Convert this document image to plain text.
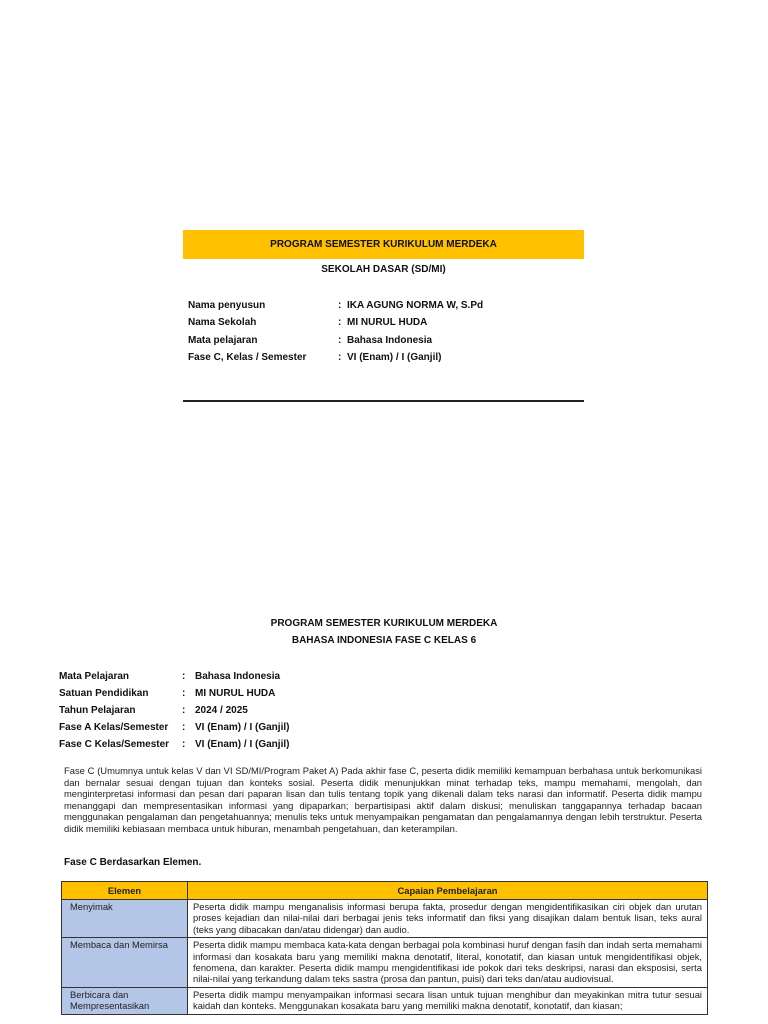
PROGRAM SEMESTER KURIKULUM MERDEKA
SEKOLAH DASAR (SD/MI)
Nama penyusun	: IKA AGUNG NORMA W, S.Pd
Nama Sekolah	: MI NURUL HUDA
Mata pelajaran	: Bahasa Indonesia
Fase C, Kelas / Semester	: VI (Enam) / I (Ganjil)
PROGRAM SEMESTER KURIKULUM MERDEKA
BAHASA INDONESIA FASE C KELAS 6
Mata Pelajaran	: Bahasa Indonesia
Satuan Pendidikan	: MI NURUL HUDA
Tahun Pelajaran	: 2024 / 2025
Fase A Kelas/Semester	: VI (Enam) / I (Ganjil)
Fase C Kelas/Semester	: VI (Enam) / I (Ganjil)
Fase C (Umumnya untuk kelas V dan VI SD/MI/Program Paket A) Pada akhir fase C, peserta didik memiliki kemampuan berbahasa untuk berkomunikasi dan bernalar sesuai dengan tujuan dan konteks sosial. Peserta didik menunjukkan minat terhadap teks, mampu memahami, mengolah, dan menginterpretasi informasi dan pesan dari paparan lisan dan tulis tentang topik yang dikenali dalam teks narasi dan informatif. Peserta didik mampu menanggapi dan mempresentasikan informasi yang dipaparkan; berpartisipasi aktif dalam diskusi; menuliskan tanggapannya terhadap bacaan menggunakan pengalaman dan pengetahuannya; menulis teks untuk menyampaikan pengamatan dan pengalamannya dengan lebih terstruktur. Peserta didik memiliki kebiasaan membaca untuk hiburan, menambah pengetahuan, dan keterampilan.
Fase C Berdasarkan Elemen.
Elemen	Capaian Pembelajaran
Menyimak	Peserta didik mampu menganalisis informasi berupa fakta, prosedur dengan mengidentifikasikan ciri objek dan urutan proses kejadian dan nilai-nilai dari berbagai jenis teks informatif dan fiksi yang disajikan dalam bentuk lisan, teks aural (teks yang dibacakan dan/atau didengar) dan audio.
Membaca dan Memirsa	Peserta didik mampu membaca kata-kata dengan berbagai pola kombinasi huruf dengan fasih dan indah serta memahami informasi dan kosakata baru yang memiliki makna denotatif, literal, konotatif, dan kiasan untuk mengidentifikasi objek, fenomena, dan karakter. Peserta didik mampu mengidentifikasi ide pokok dari teks deskripsi, narasi dan eksposisi, serta nilai-nilai yang terkandung dalam teks sastra (prosa dan pantun, puisi) dari teks dan/atau audiovisual.
Berbicara dan Mempresentasikan	Peserta didik mampu menyampaikan informasi secara lisan untuk tujuan menghibur dan meyakinkan mitra tutur sesuai kaidah dan konteks. Menggunakan kosakata baru yang memiliki makna denotatif, konotatif, dan kiasan;
